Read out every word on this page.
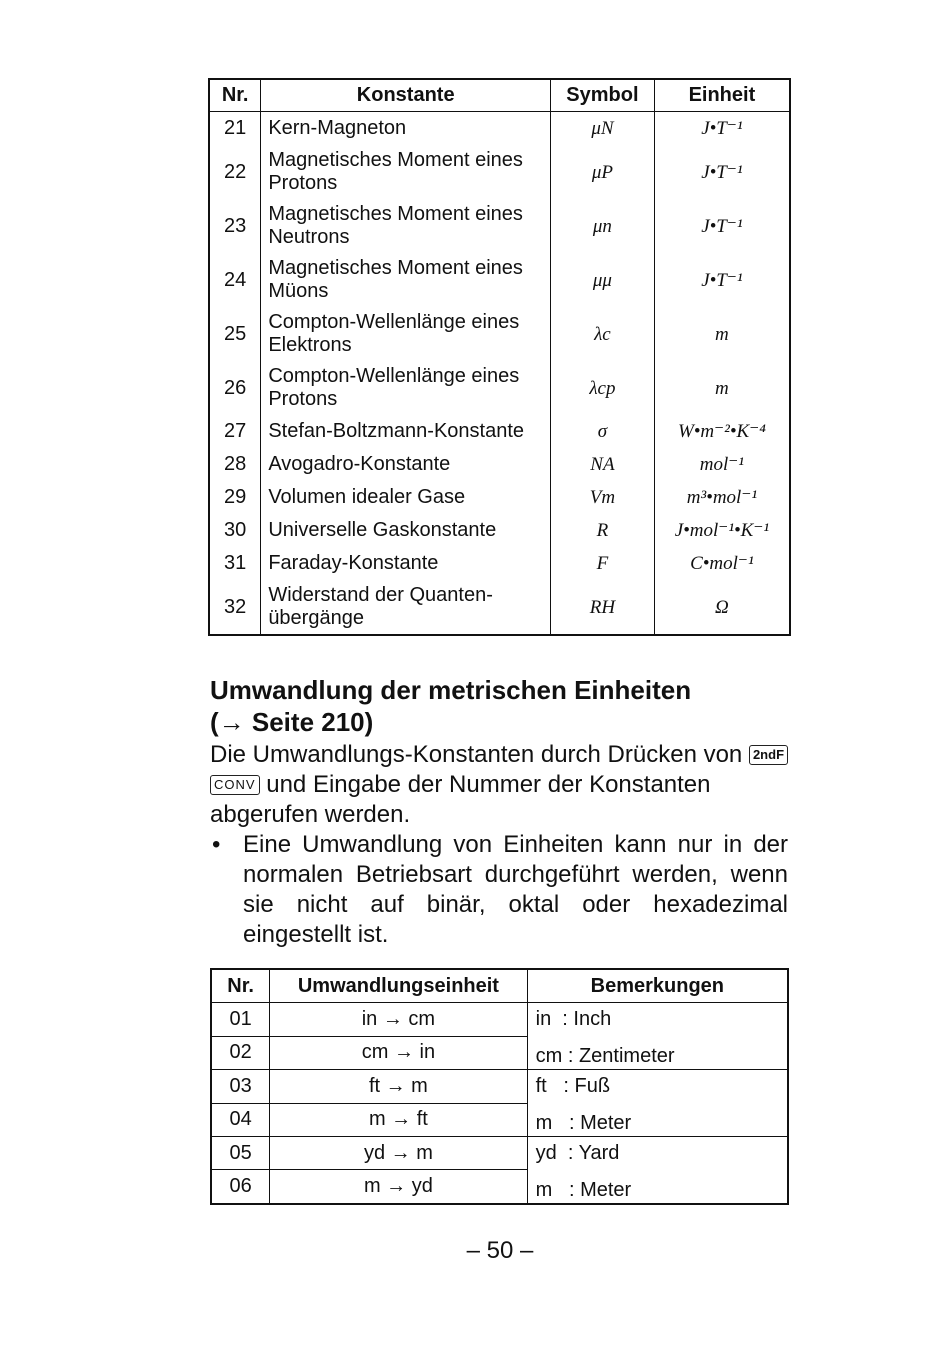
Nr.	Konstante	Symbol	Einheit
21	Kern-Magneton	μN	J•T⁻¹
22	Magnetisches Moment eines Protons	μP	J•T⁻¹
23	Magnetisches Moment eines Neutrons	μn	J•T⁻¹
24	Magnetisches Moment eines Müons	μμ	J•T⁻¹
25	Compton-Wellenlänge eines Elektrons	λc	m
26	Compton-Wellenlänge eines Protons	λcp	m
27	Stefan-Boltzmann-Konstante	σ	W•m⁻²•K⁻⁴
28	Avogadro-Konstante	NA	mol⁻¹
29	Volumen idealer Gase	Vm	m³•mol⁻¹
30	Universelle Gaskonstante	R	J•mol⁻¹•K⁻¹
31	Faraday-Konstante	F	C•mol⁻¹
32	Widerstand der Quanten-übergänge	RH	Ω
Umwandlung der metrischen Einheiten
(→ Seite 210)
Die Umwandlungs-Konstanten durch Drücken von 2ndF CONV und Eingabe der Nummer der Konstanten abgerufen werden.
• Eine Umwandlung von Einheiten kann nur in der normalen Betriebsart durchgeführt werden, wenn sie nicht auf binär, oktal oder hexadezimal eingestellt ist.
Nr.	Umwandlungseinheit	Bemerkungen
01	in → cm	in  : Inch
cm : Zentimeter

02	cm → in	
03	ft → m	ft   : Fuß
m   : Meter

04	m → ft	
05	yd → m	yd  : Yard
m   : Meter

06	m → yd	
– 50 –
